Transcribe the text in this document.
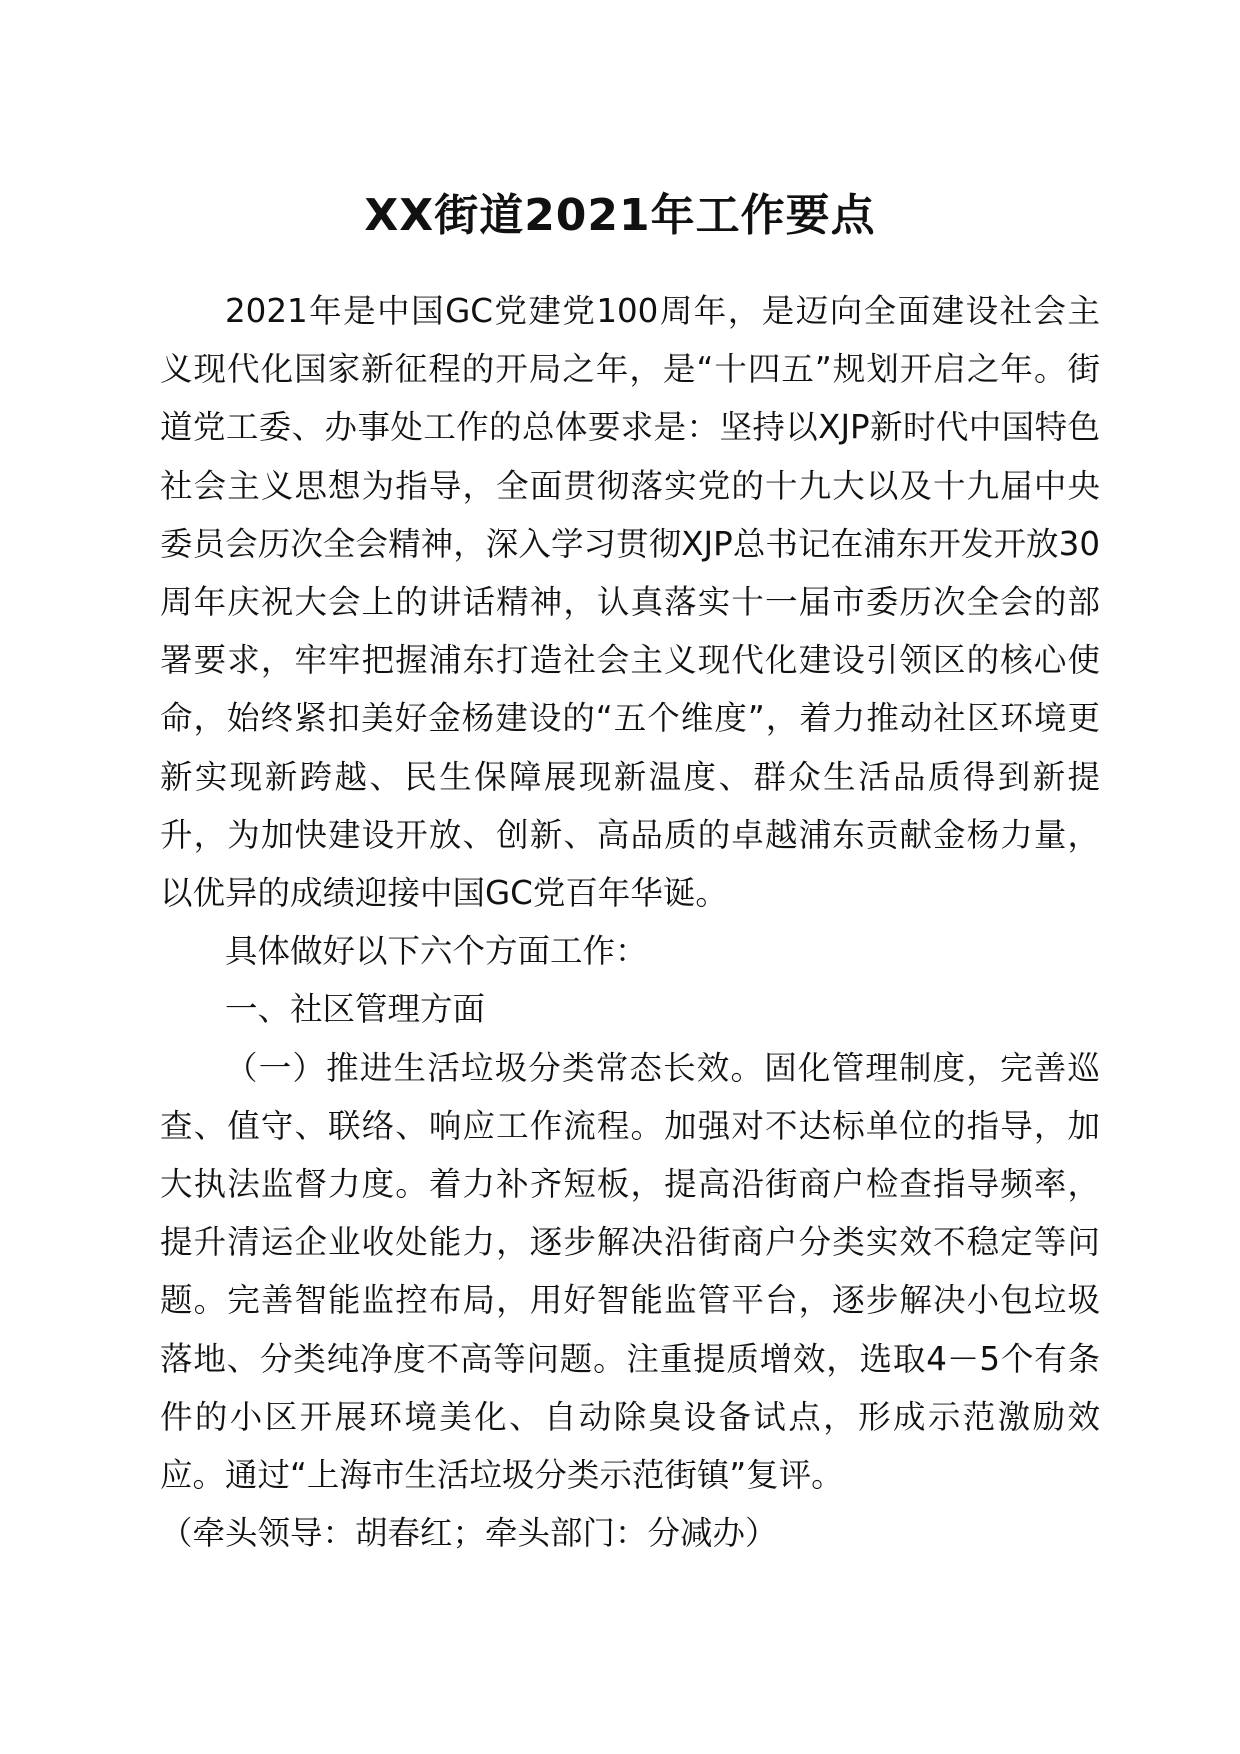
XX街道2021年工作要点

2021年是中国GC党建党100周年，是迈向全面建设社会主义现代化国家新征程的开局之年，是“十四五”规划开启之年。街道党工委、办事处工作的总体要求是：坚持以XJP新时代中国特色社会主义思想为指导，全面贯彻落实党的十九大以及十九届中央委员会历次全会精神，深入学习贯彻XJP总书记在浦东开发开放30周年庆祝大会上的讲话精神，认真落实十一届市委历次全会的部署要求，牢牢把握浦东打造社会主义现代化建设引领区的核心使命，始终紧扣美好金杨建设的“五个维度”，着力推动社区环境更新实现新跨越、民生保障展现新温度、群众生活品质得到新提升，为加快建设开放、创新、高品质的卓越浦东贡献金杨力量，以优异的成绩迎接中国GC党百年华诞。

具体做好以下六个方面工作：

一、社区管理方面

（一）推进生活垃圾分类常态长效。固化管理制度，完善巡查、值守、联络、响应工作流程。加强对不达标单位的指导，加大执法监督力度。着力补齐短板，提高沿街商户检查指导频率，提升清运企业收处能力，逐步解决沿街商户分类实效不稳定等问题。完善智能监控布局，用好智能监管平台，逐步解决小包垃圾落地、分类纯净度不高等问题。注重提质增效，选取4－5个有条件的小区开展环境美化、自动除臭设备试点，形成示范激励效应。通过“上海市生活垃圾分类示范街镇”复评。

（牵头领导：胡春红；牵头部门：分减办）
